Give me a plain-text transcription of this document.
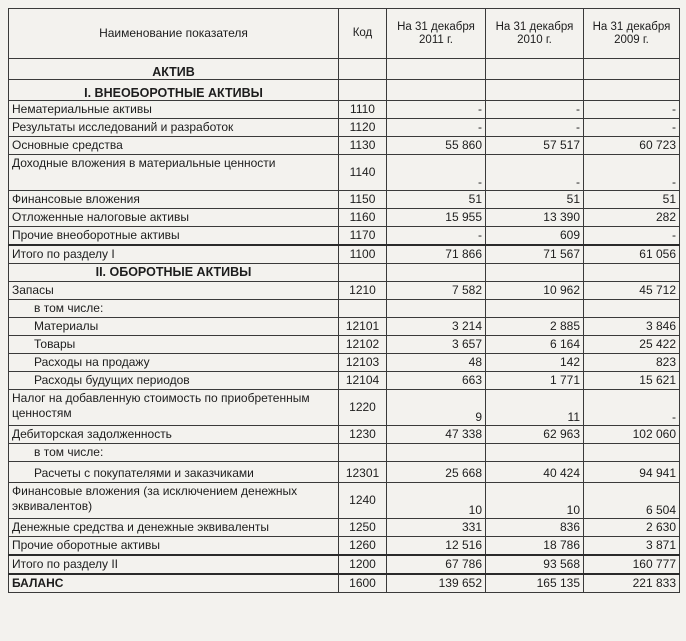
Наименование показателя	Код	На 31 декабря 2011 г.	На 31 декабря 2010 г.	На 31 декабря 2009 г.
АКТИВ				
I. ВНЕОБОРОТНЫЕ АКТИВЫ				
Нематериальные активы	1110	-	-	-
Результаты исследований и разработок	1120	-	-	-
Основные средства	1130	55 860	57 517	60 723
Доходные вложения в материальные ценности	1140	-	-	-
Финансовые вложения	1150	51	51	51
Отложенные налоговые активы	1160	15 955	13 390	282
Прочие внеоборотные активы	1170	-	609	-
Итого по разделу I	1100	71 866	71 567	61 056
II. ОБОРОТНЫЕ АКТИВЫ				
Запасы	1210	7 582	10 962	45 712
в том числе:				
Материалы	12101	3 214	2 885	3 846
Товары	12102	3 657	6 164	25 422
Расходы на продажу	12103	48	142	823
Расходы будущих периодов	12104	663	1 771	15 621
Налог на добавленную стоимость по приобретенным ценностям	1220	9	11	-
Дебиторская задолженность	1230	47 338	62 963	102 060
в том числе:				
Расчеты с покупателями и заказчиками	12301	25 668	40 424	94 941
Финансовые вложения (за исключением денежных эквивалентов)	1240	10	10	6 504
Денежные средства и денежные эквиваленты	1250	331	836	2 630
Прочие оборотные активы	1260	12 516	18 786	3 871
Итого по разделу II	1200	67 786	93 568	160 777
БАЛАНС	1600	139 652	165 135	221 833
